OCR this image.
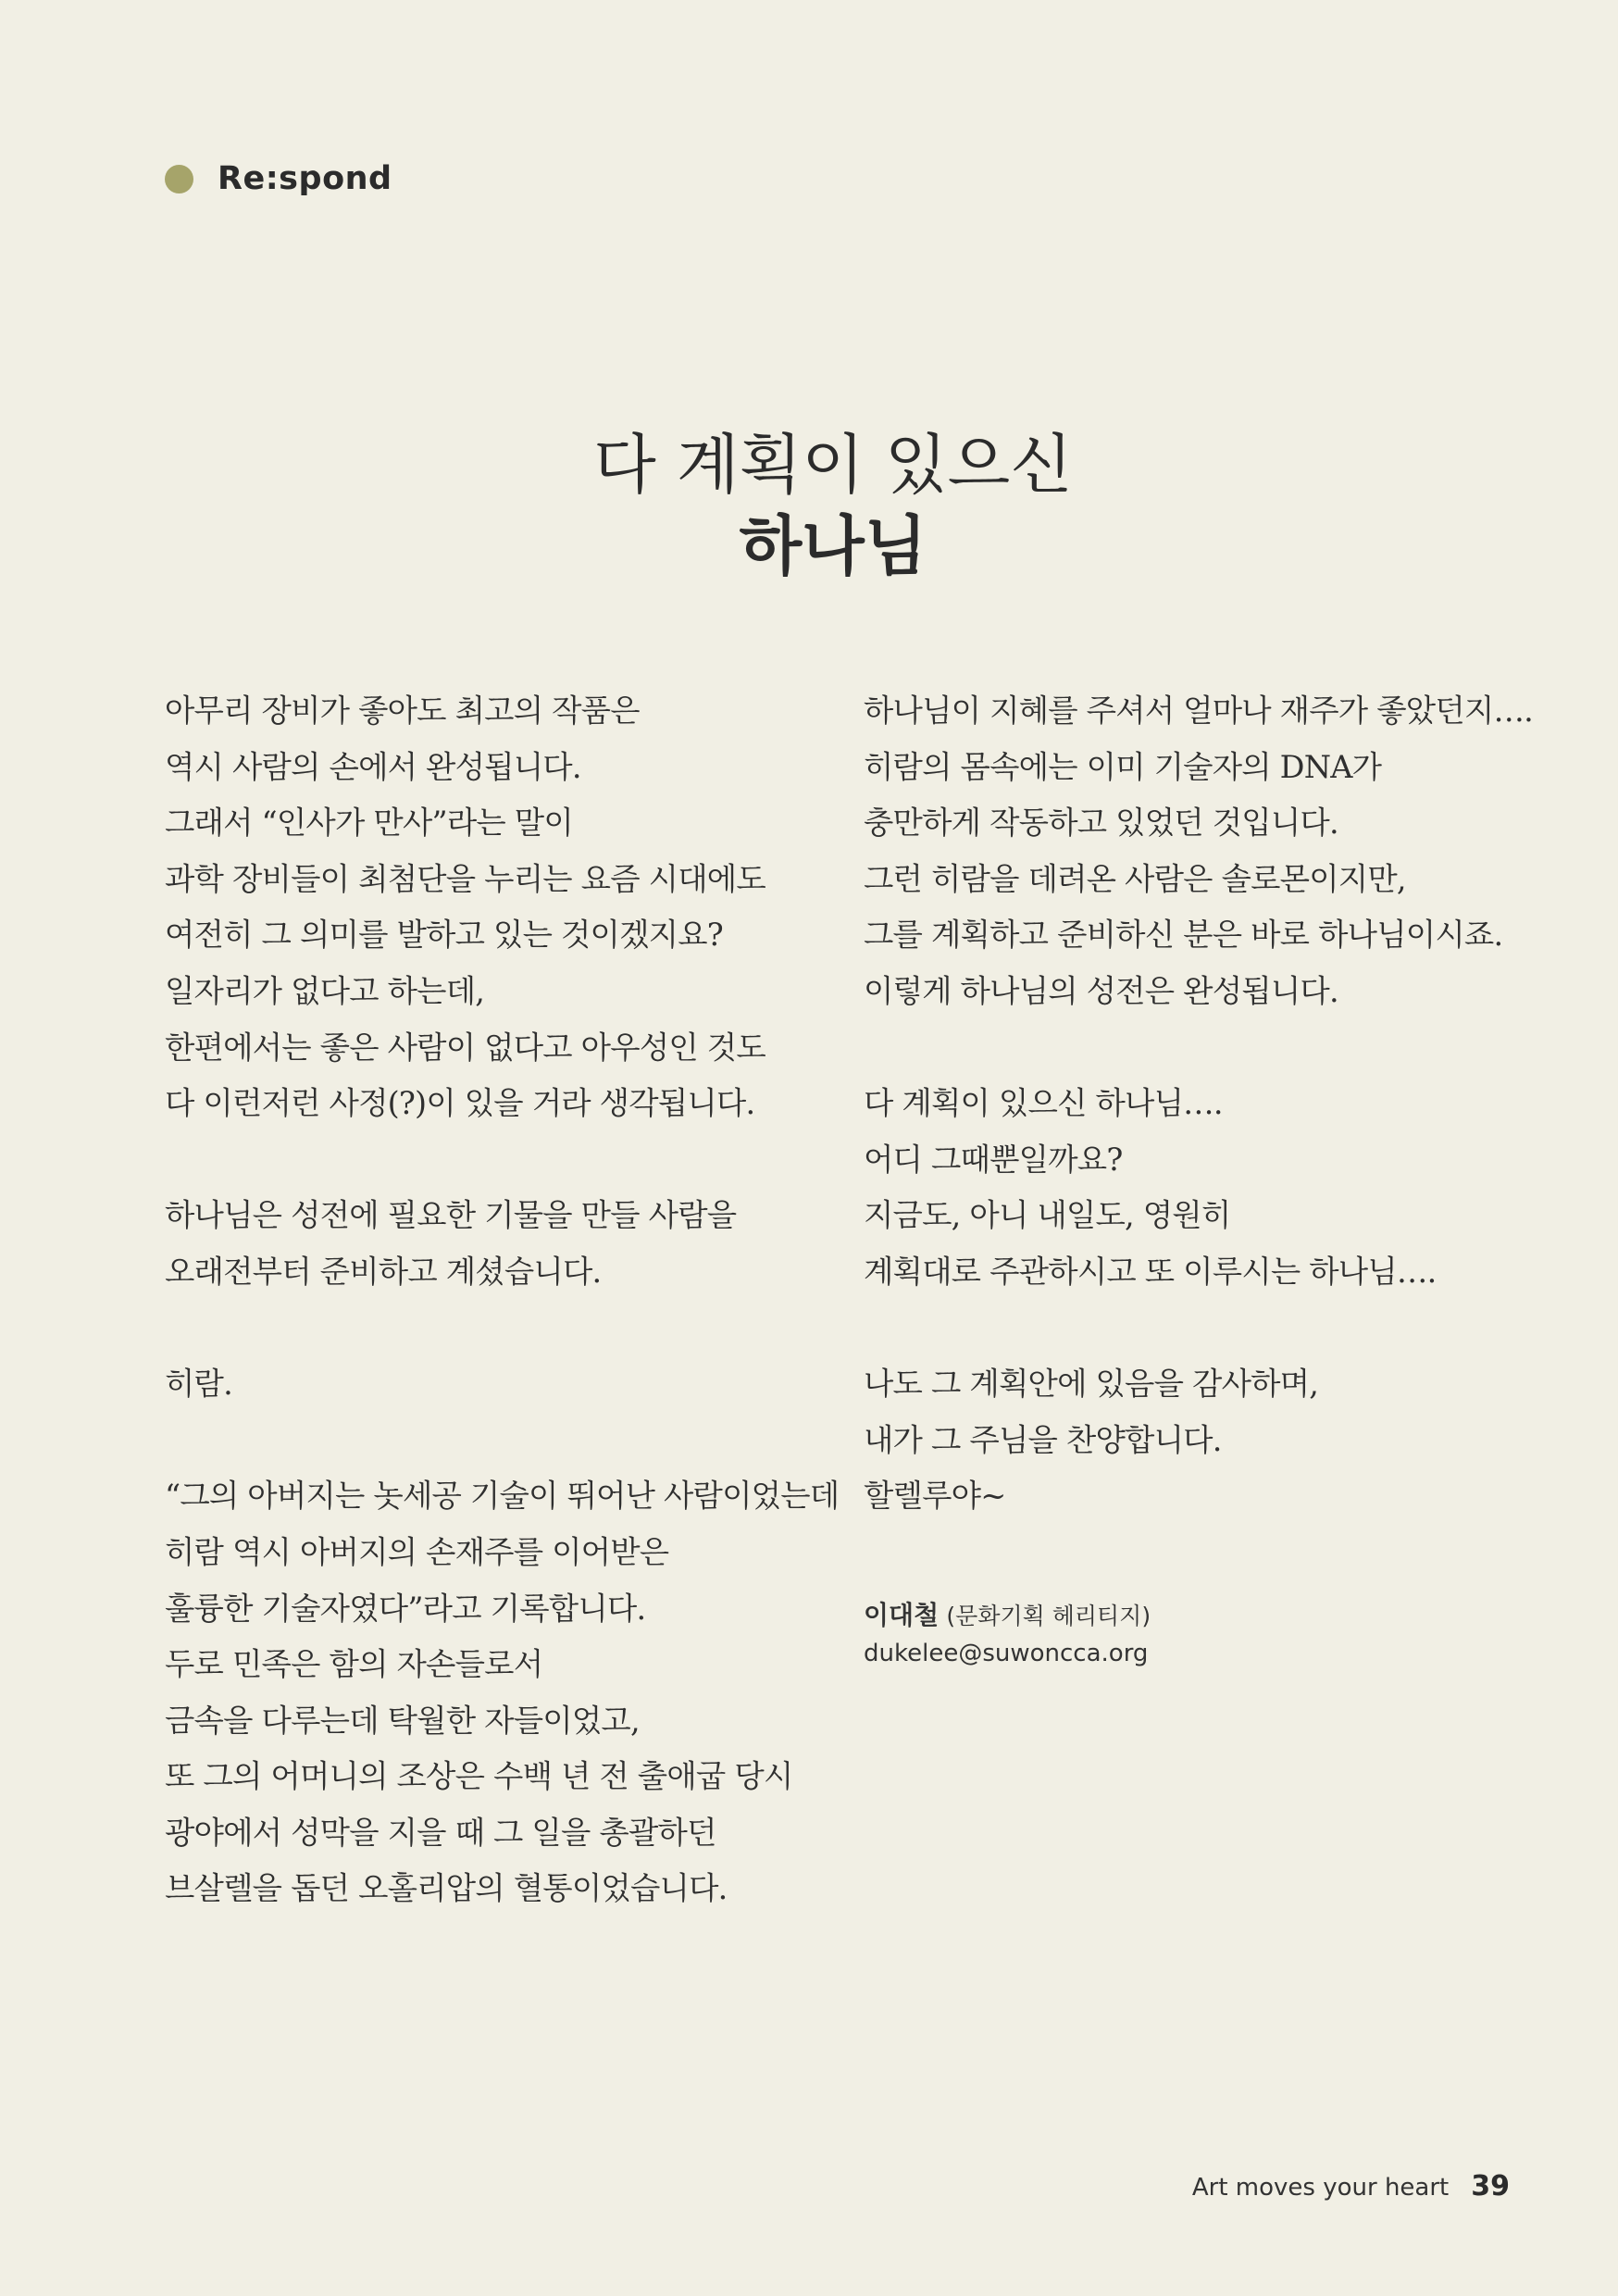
Re:spond
다 계획이 있으신
하나님
아무리 장비가 좋아도 최고의 작품은
역시 사람의 손에서 완성됩니다.
그래서 “인사가 만사”라는 말이
과학 장비들이 최첨단을 누리는 요즘 시대에도
여전히 그 의미를 발하고 있는 것이겠지요?
일자리가 없다고 하는데,
한편에서는 좋은 사람이 없다고 아우성인 것도
다 이런저런 사정(?)이 있을 거라 생각됩니다.
하나님은 성전에 필요한 기물을 만들 사람을
오래전부터 준비하고 계셨습니다.
히람.
“그의 아버지는 놋세공 기술이 뛰어난 사람이었는데
히람 역시 아버지의 손재주를 이어받은
훌륭한 기술자였다”라고 기록합니다.
두로 민족은 함의 자손들로서
금속을 다루는데 탁월한 자들이었고,
또 그의 어머니의 조상은 수백 년 전 출애굽 당시
광야에서 성막을 지을 때 그 일을 총괄하던
브살렐을 돕던 오홀리압의 혈통이었습니다.
하나님이 지혜를 주셔서 얼마나 재주가 좋았던지….
히람의 몸속에는 이미 기술자의 DNA가
충만하게 작동하고 있었던 것입니다.
그런 히람을 데려온 사람은 솔로몬이지만,
그를 계획하고 준비하신 분은 바로 하나님이시죠.
이렇게 하나님의 성전은 완성됩니다.
다 계획이 있으신 하나님….
어디 그때뿐일까요?
지금도, 아니 내일도, 영원히
계획대로 주관하시고 또 이루시는 하나님….
나도 그 계획안에 있음을 감사하며,
내가 그 주님을 찬양합니다.
할렐루야~
이대철 (문화기획 헤리티지)
dukelee@suwoncca.org
Art moves your heart 39
